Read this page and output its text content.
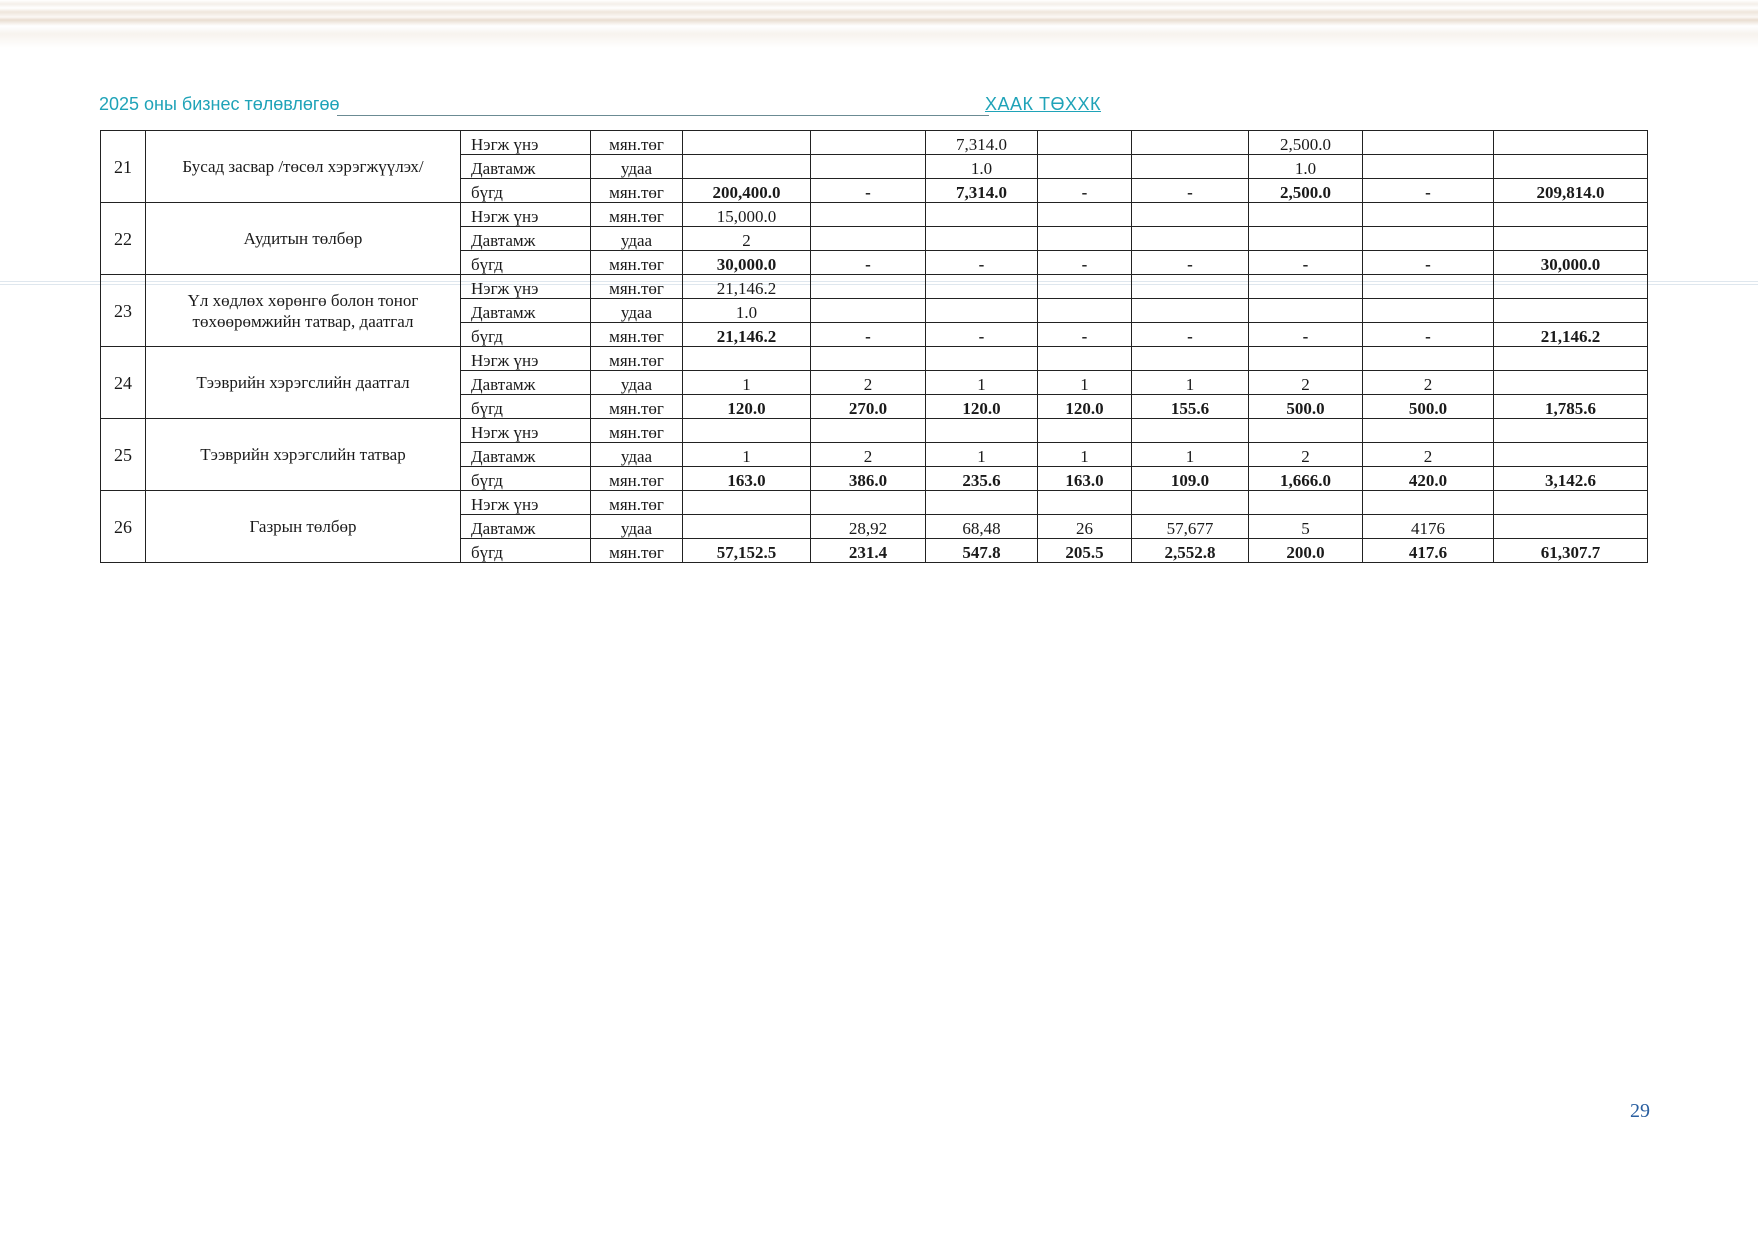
2025 оны бизнес төлөвлөгөө	ХААК ТӨХХК
21	Бусад засвар /төсөл хэрэгжүүлэх/	Нэгж үнэ	мян.төг			7,314.0			2,500.0		
		Давтамж	удаа			1.0			1.0		
		бүгд	мян.төг	200,400.0	-	7,314.0	-	-	2,500.0	-	209,814.0
22	Аудитын төлбөр	Нэгж үнэ	мян.төг	15,000.0							
		Давтамж	удаа	2							
		бүгд	мян.төг	30,000.0	-	-	-	-	-	-	30,000.0
23	Үл хөдлөх хөрөнгө болон тоног төхөөрөмжийн татвар, даатгал	Нэгж үнэ	мян.төг	21,146.2							
		Давтамж	удаа	1.0							
		бүгд	мян.төг	21,146.2	-	-	-	-	-	-	21,146.2
24	Тээврийн хэрэгслийн даатгал	Нэгж үнэ	мян.төг								
		Давтамж	удаа	1	2	1	1	1	2	2	
		бүгд	мян.төг	120.0	270.0	120.0	120.0	155.6	500.0	500.0	1,785.6
25	Тээврийн хэрэгслийн татвар	Нэгж үнэ	мян.төг								
		Давтамж	удаа	1	2	1	1	1	2	2	
		бүгд	мян.төг	163.0	386.0	235.6	163.0	109.0	1,666.0	420.0	3,142.6
26	Газрын төлбөр	Нэгж үнэ	мян.төг								
		Давтамж	удаа		28,92	68,48	26	57,677	5	4176	
		бүгд	мян.төг	57,152.5	231.4	547.8	205.5	2,552.8	200.0	417.6	61,307.7
29
